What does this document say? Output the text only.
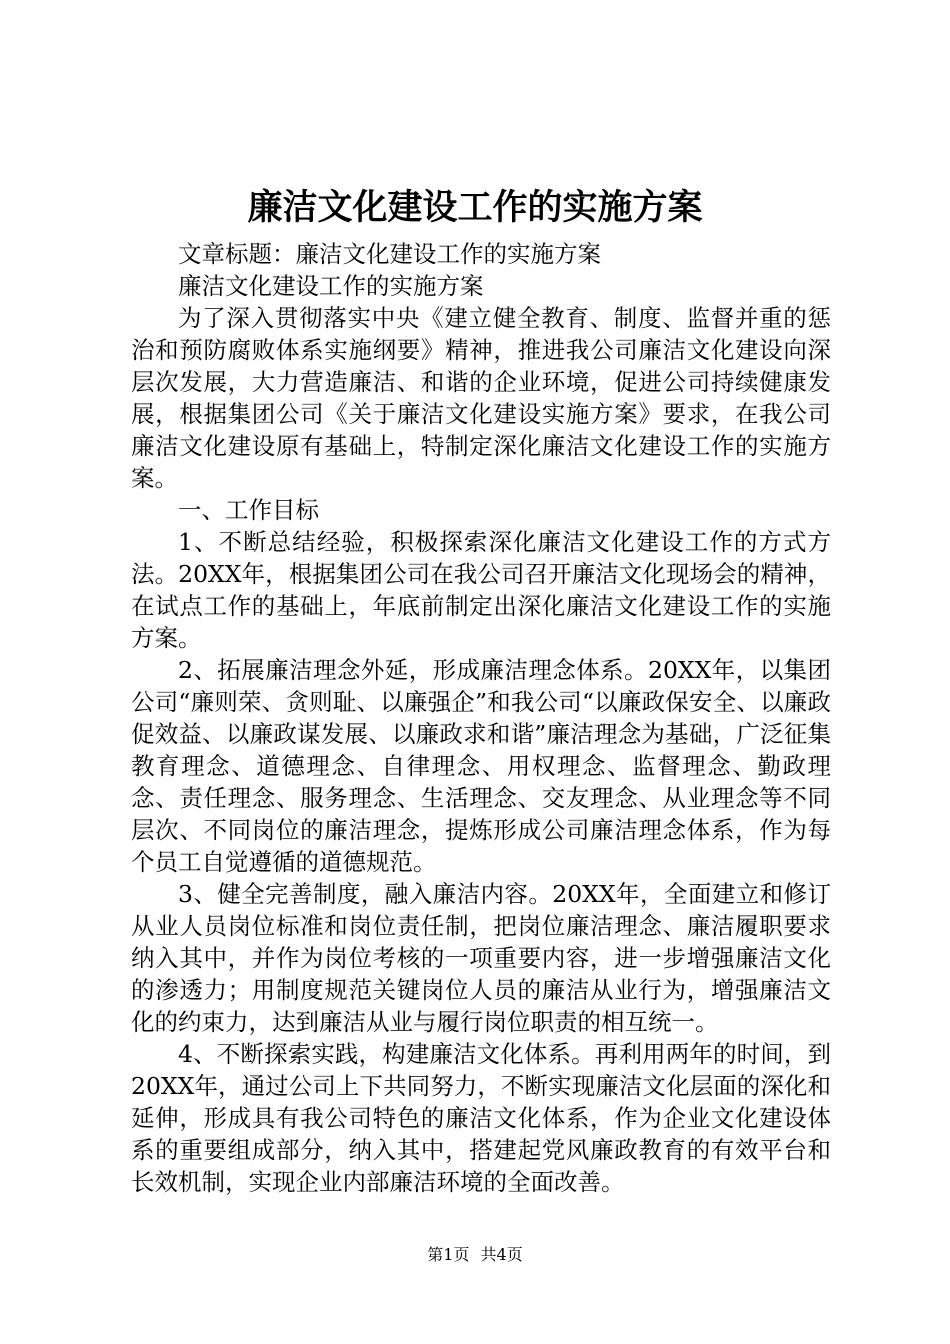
廉洁文化建设工作的实施方案

文章标题：廉洁文化建设工作的实施方案

廉洁文化建设工作的实施方案

为了深入贯彻落实中央《建立健全教育、制度、监督并重的惩治和预防腐败体系实施纲要》精神，推进我公司廉洁文化建设向深层次发展，大力营造廉洁、和谐的企业环境，促进公司持续健康发展，根据集团公司《关于廉洁文化建设实施方案》要求，在我公司廉洁文化建设原有基础上，特制定深化廉洁文化建设工作的实施方案。

一、工作目标

1、不断总结经验，积极探索深化廉洁文化建设工作的方式方法。20XX年，根据集团公司在我公司召开廉洁文化现场会的精神，在试点工作的基础上，年底前制定出深化廉洁文化建设工作的实施方案。

2、拓展廉洁理念外延，形成廉洁理念体系。20XX年，以集团公司“廉则荣、贪则耻、以廉强企”和我公司“以廉政保安全、以廉政促效益、以廉政谋发展、以廉政求和谐”廉洁理念为基础，广泛征集教育理念、道德理念、自律理念、用权理念、监督理念、勤政理念、责任理念、服务理念、生活理念、交友理念、从业理念等不同层次、不同岗位的廉洁理念，提炼形成公司廉洁理念体系，作为每个员工自觉遵循的道德规范。

3、健全完善制度，融入廉洁内容。20XX年，全面建立和修订从业人员岗位标准和岗位责任制，把岗位廉洁理念、廉洁履职要求纳入其中，并作为岗位考核的一项重要内容，进一步增强廉洁文化的渗透力；用制度规范关键岗位人员的廉洁从业行为，增强廉洁文化的约束力，达到廉洁从业与履行岗位职责的相互统一。

4、不断探索实践，构建廉洁文化体系。再利用两年的时间，到20XX年，通过公司上下共同努力，不断实现廉洁文化层面的深化和延伸，形成具有我公司特色的廉洁文化体系，作为企业文化建设体系的重要组成部分，纳入其中，搭建起党风廉政教育的有效平台和长效机制，实现企业内部廉洁环境的全面改善。

第1页 共4页
